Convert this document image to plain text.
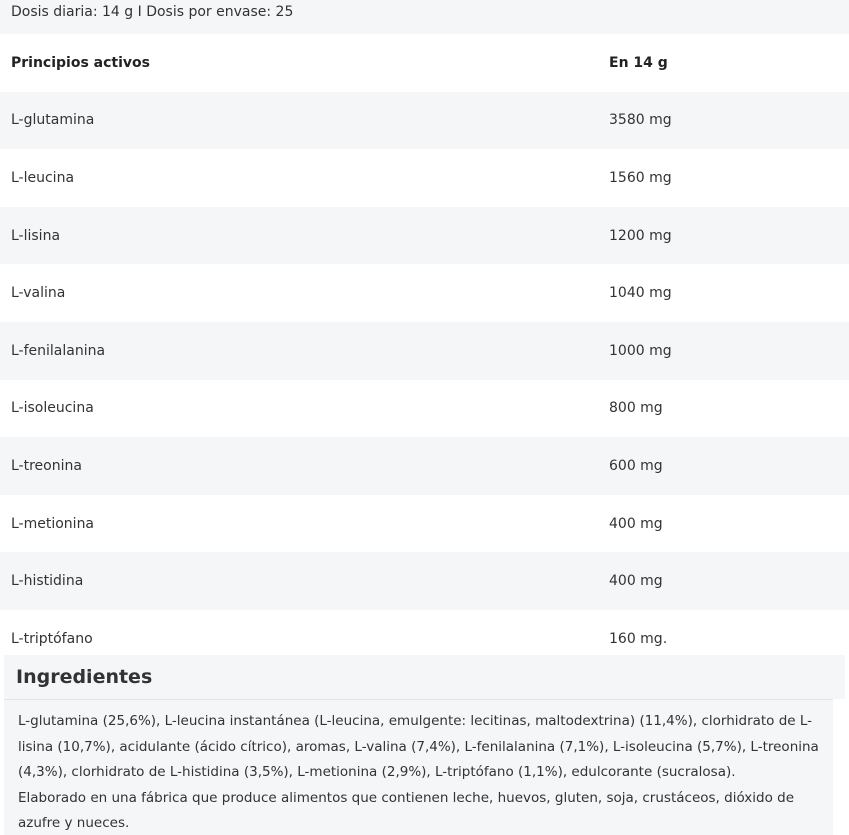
Dosis diaria: 14 g I Dosis por envase: 25
Principios activos	En 14 g
L-glutamina	3580 mg
L-leucina	1560 mg
L-lisina	1200 mg
L-valina	1040 mg
L-fenilalanina	1000 mg
L-isoleucina	800 mg
L-treonina	600 mg
L-metionina	400 mg
L-histidina	400 mg
L-triptófano	160 mg.
Ingredientes

L-glutamina (25,6%), L-leucina instantánea (L-leucina, emulgente: lecitinas, maltodextrina) (11,4%), clorhidrato de L-lisina (10,7%), acidulante (ácido cítrico), aromas, L-valina (7,4%), L-fenilalanina (7,1%), L-isoleucina (5,7%), L-treonina (4,3%), clorhidrato de L-histidina (3,5%), L-metionina (2,9%), L-triptófano (1,1%), edulcorante (sucralosa).

Elaborado en una fábrica que produce alimentos que contienen leche, huevos, gluten, soja, crustáceos, dióxido de azufre y nueces.
